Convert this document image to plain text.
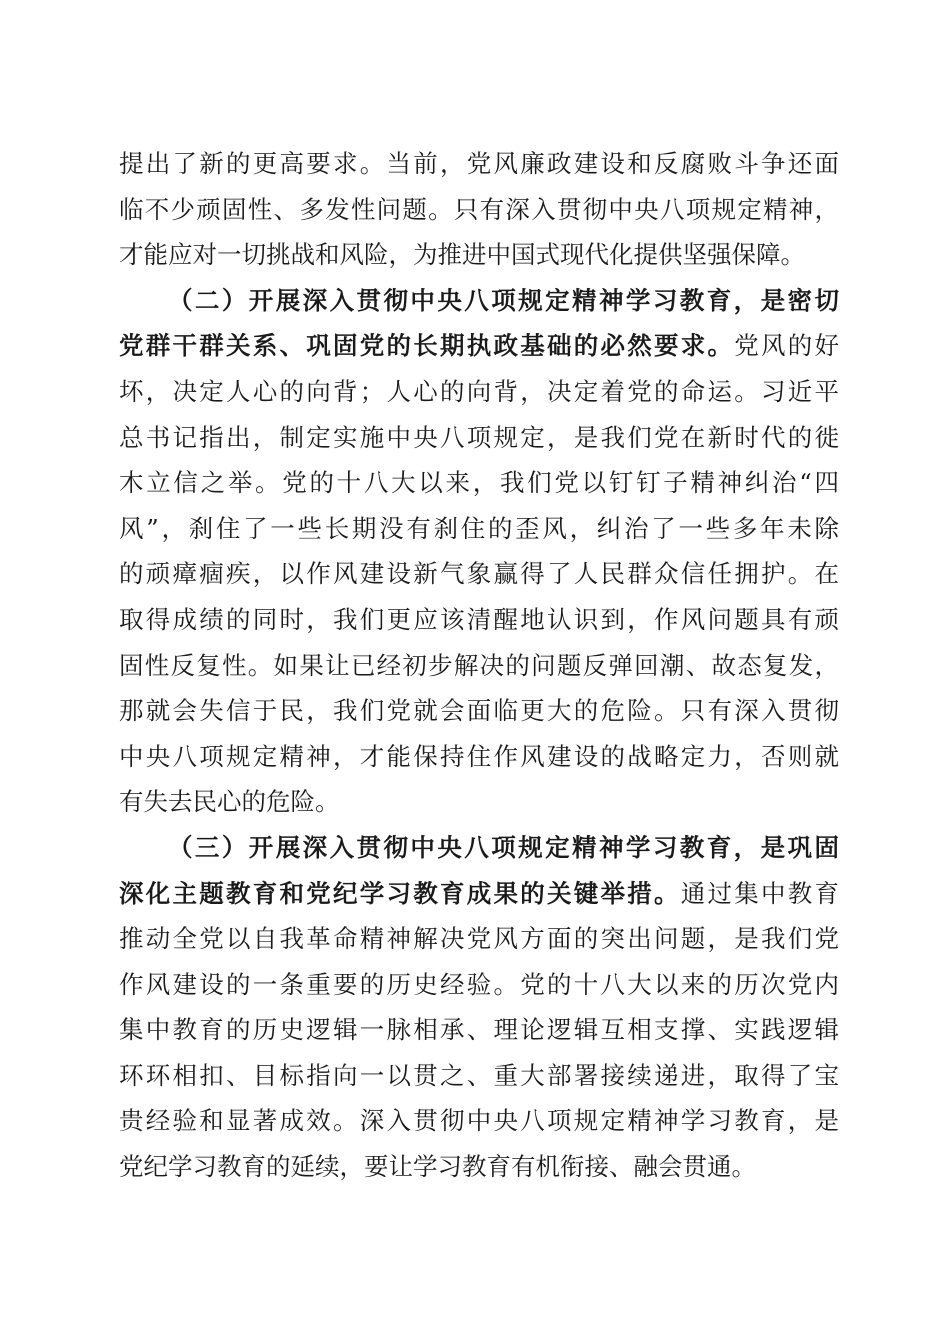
提出了新的更高要求。当前，党风廉政建设和反腐败斗争还面
临不少顽固性、多发性问题。只有深入贯彻中央八项规定精神，
才能应对一切挑战和风险，为推进中国式现代化提供坚强保障。
（二）开展深入贯彻中央八项规定精神学习教育，是密切
党群干群关系、巩固党的长期执政基础的必然要求。党风的好
坏，决定人心的向背；人心的向背，决定着党的命运。习近平
总书记指出，制定实施中央八项规定，是我们党在新时代的徙
木立信之举。党的十八大以来，我们党以钉钉子精神纠治“四
风”，刹住了一些长期没有刹住的歪风，纠治了一些多年未除
的顽瘴痼疾，以作风建设新气象赢得了人民群众信任拥护。在
取得成绩的同时，我们更应该清醒地认识到，作风问题具有顽
固性反复性。如果让已经初步解决的问题反弹回潮、故态复发，
那就会失信于民，我们党就会面临更大的危险。只有深入贯彻
中央八项规定精神，才能保持住作风建设的战略定力，否则就
有失去民心的危险。
（三）开展深入贯彻中央八项规定精神学习教育，是巩固
深化主题教育和党纪学习教育成果的关键举措。通过集中教育
推动全党以自我革命精神解决党风方面的突出问题，是我们党
作风建设的一条重要的历史经验。党的十八大以来的历次党内
集中教育的历史逻辑一脉相承、理论逻辑互相支撑、实践逻辑
环环相扣、目标指向一以贯之、重大部署接续递进，取得了宝
贵经验和显著成效。深入贯彻中央八项规定精神学习教育，是
党纪学习教育的延续，要让学习教育有机衔接、融会贯通。
